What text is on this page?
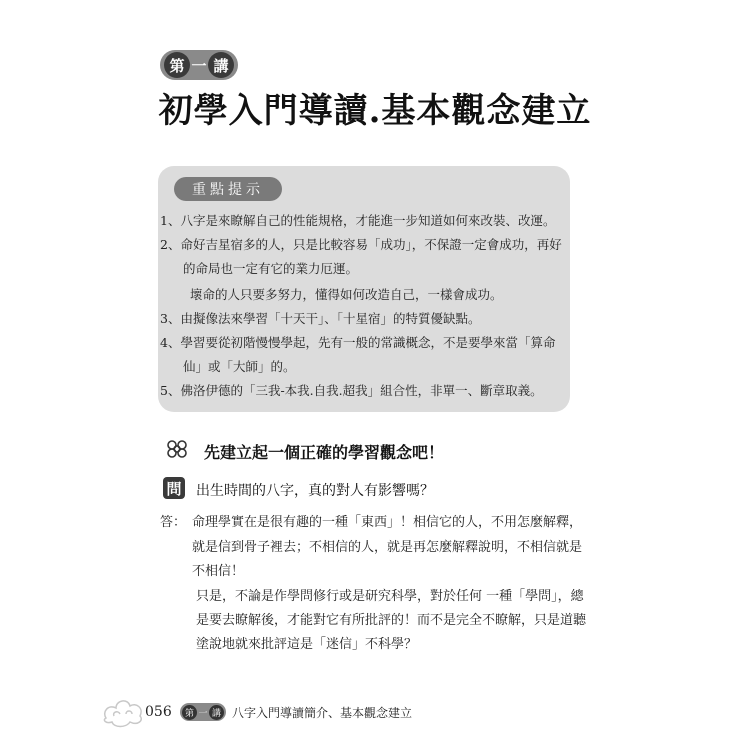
第 一 講
初學入門導讀.基本觀念建立
重點提示
1、八字是來瞭解自己的性能規格，才能進一步知道如何來改裝、改運。
2、命好吉星宿多的人，只是比較容易「成功」，不保證一定會成功，再好
的命局也一定有它的業力厄運。
壞命的人只要多努力，懂得如何改造自己，一樣會成功。
3、由擬像法來學習「十天干」、「十星宿」的特質優缺點。
4、學習要從初階慢慢學起，先有一般的常識概念，不是要學來當「算命
仙」或「大師」的。
5、佛洛伊德的「三我-本我.自我.超我」組合性，非單一、斷章取義。
先建立起一個正確的學習觀念吧！
問 出生時間的八字，真的對人有影響嗎？
答： 命理學實在是很有趣的一種「東西」！相信它的人，不用怎麼解釋，
就是信到骨子裡去；不相信的人，就是再怎麼解釋說明，不相信就是
不相信！
只是，不論是作學問修行或是研究科學，對於任何 一種「學問」，總
是要去瞭解後，才能對它有所批評的！而不是完全不瞭解，只是道聽
塗說地就來批評這是「迷信」不科學？
056	第 一 講 八字入門導讀簡介、基本觀念建立
